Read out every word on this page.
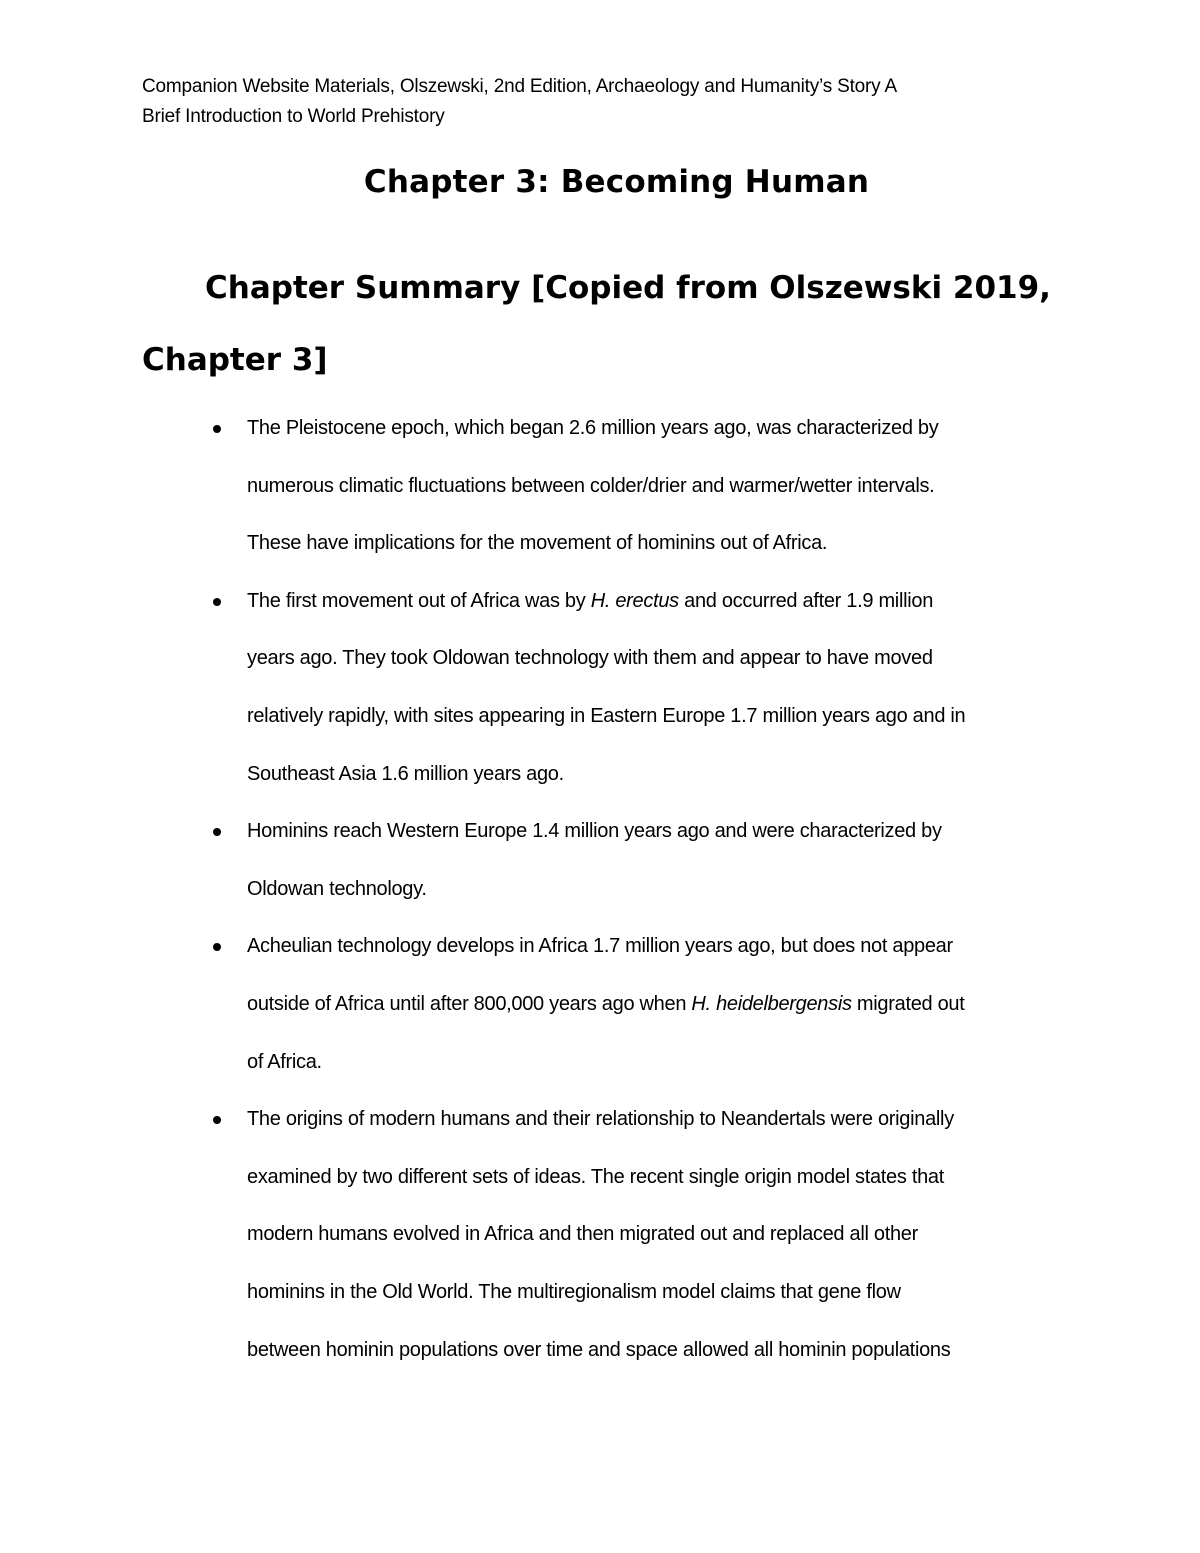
Companion Website Materials, Olszewski, 2nd Edition, Archaeology and Humanity’s Story A
Brief Introduction to World Prehistory
Chapter 3: Becoming Human
Chapter Summary [Copied from Olszewski 2019,
Chapter 3]
The Pleistocene epoch, which began 2.6 million years ago, was characterized by
numerous climatic fluctuations between colder/drier and warmer/wetter intervals.
These have implications for the movement of hominins out of Africa.
The first movement out of Africa was by H. erectus and occurred after 1.9 million
years ago. They took Oldowan technology with them and appear to have moved
relatively rapidly, with sites appearing in Eastern Europe 1.7 million years ago and in
Southeast Asia 1.6 million years ago.
Hominins reach Western Europe 1.4 million years ago and were characterized by
Oldowan technology.
Acheulian technology develops in Africa 1.7 million years ago, but does not appear
outside of Africa until after 800,000 years ago when H. heidelbergensis migrated out
of Africa.
The origins of modern humans and their relationship to Neandertals were originally
examined by two different sets of ideas. The recent single origin model states that
modern humans evolved in Africa and then migrated out and replaced all other
hominins in the Old World. The multiregionalism model claims that gene flow
between hominin populations over time and space allowed all hominin populations
